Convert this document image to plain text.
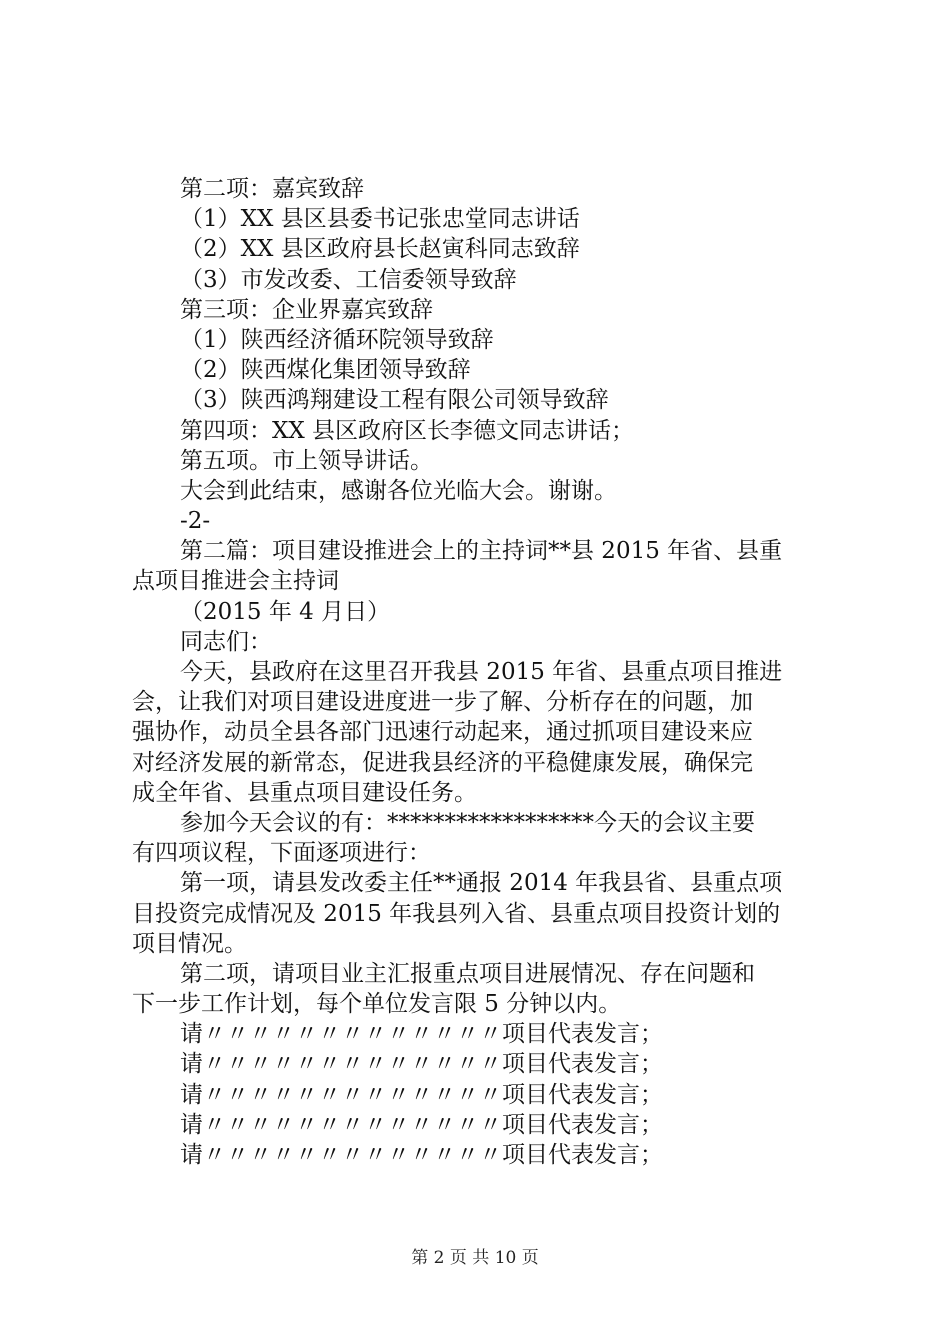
第二项：嘉宾致辞
（1）XX 县区县委书记张忠堂同志讲话
（2）XX 县区政府县长赵寅科同志致辞
（3）市发改委、工信委领导致辞
第三项：企业界嘉宾致辞
（1）陕西经济循环院领导致辞
（2）陕西煤化集团领导致辞
（3）陕西鸿翔建设工程有限公司领导致辞
第四项：XX 县区政府区长李德文同志讲话；
第五项。市上领导讲话。
大会到此结束，感谢各位光临大会。谢谢。
-2-
第二篇：项目建设推进会上的主持词**县 2015 年省、县重
点项目推进会主持词
（2015 年 4 月日）
同志们：
今天，县政府在这里召开我县 2015 年省、县重点项目推进
会，让我们对项目建设进度进一步了解、分析存在的问题，加
强协作，动员全县各部门迅速行动起来，通过抓项目建设来应
对经济发展的新常态，促进我县经济的平稳健康发展，确保完
成全年省、县重点项目建设任务。
参加今天会议的有：******************今天的会议主要
有四项议程，下面逐项进行：
第一项，请县发改委主任**通报 2014 年我县省、县重点项
目投资完成情况及 2015 年我县列入省、县重点项目投资计划的
项目情况。
第二项，请项目业主汇报重点项目进展情况、存在问题和
下一步工作计划，每个单位发言限 5 分钟以内。
请〃〃〃〃〃〃〃〃〃〃〃〃〃项目代表发言；
请〃〃〃〃〃〃〃〃〃〃〃〃〃项目代表发言；
请〃〃〃〃〃〃〃〃〃〃〃〃〃项目代表发言；
请〃〃〃〃〃〃〃〃〃〃〃〃〃项目代表发言；
请〃〃〃〃〃〃〃〃〃〃〃〃〃项目代表发言；
第 2 页 共 10 页
